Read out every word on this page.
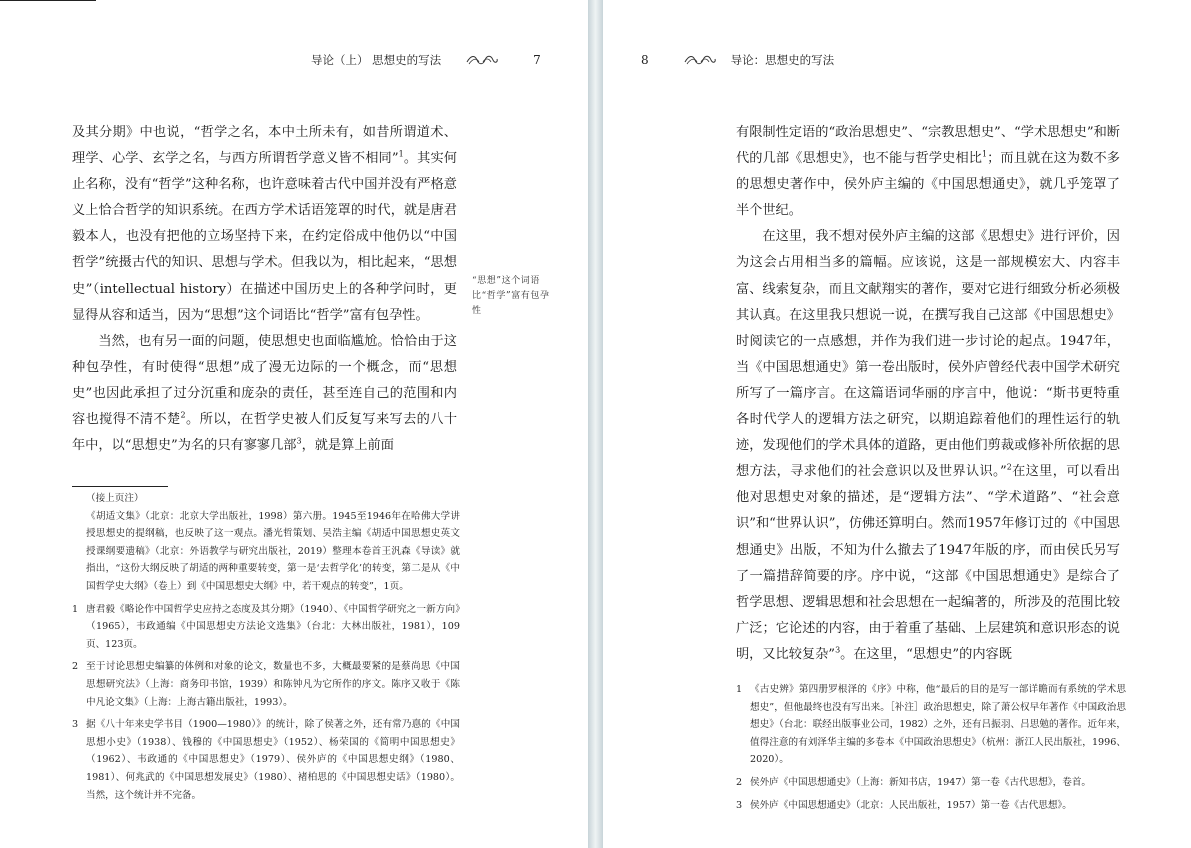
导论（上） 思想史的写法	7

及其分期》中也说，“哲学之名，本中土所未有，如昔所谓道术、理学、心学、玄学之名，与西方所谓哲学意义皆不相同”$^1$。其实何止名称，没有“哲学”这种名称，也许意味着古代中国并没有严格意义上恰合哲学的知识系统。在西方学术话语笼罩的时代，就是唐君毅本人，也没有把他的立场坚持下来，在约定俗成中他仍以“中国哲学”统摄古代的知识、思想与学术。但我以为，相比起来，“思想史”（intellectual history）在描述中国历史上的各种学问时，更显得从容和适当，因为“思想”这个词语比“哲学”富有包孕性。

当然，也有另一面的问题，使思想史也面临尴尬。恰恰由于这种包孕性，有时使得“思想”成了漫无边际的一个概念，而“思想史”也因此承担了过分沉重和庞杂的责任，甚至连自己的范围和内容也搅得不清不楚$^2$。所以，在哲学史被人们反复写来写去的八十年中，以“思想史”为名的只有寥寥几部$^3$，就是算上前面

“思想”这个词语比“哲学”富有包孕性
（接上页注）
《胡适文集》（北京：北京大学出版社，1998）第六册。1945至1946年在哈佛大学讲授思想史的提纲稿，也反映了这一观点。潘光哲策划、吴浩主编《胡适中国思想史英文授课纲要遗稿》（北京：外语教学与研究出版社，2019）整理本卷首王汎森《导读》就指出，“这份大纲反映了胡适的两种重要转变，第一是‘去哲学化’的转变，第二是从《中国哲学史大纲》（卷上）到《中国思想史大纲》中，若干观点的转变”，1页。
1 唐君毅《略论作中国哲学史应持之态度及其分期》（1940）、《中国哲学研究之一新方向》（1965），韦政通编《中国思想史方法论文选集》（台北：大林出版社，1981），109页、123页。
2 至于讨论思想史编纂的体例和对象的论文，数量也不多，大概最要紧的是蔡尚思《中国思想研究法》（上海：商务印书馆，1939）和陈钟凡为它所作的序文。陈序又收于《陈中凡论文集》（上海：上海古籍出版社，1993）。
3 据《八十年来史学书目（1900—1980）》的统计，除了侯著之外，还有常乃惪的《中国思想小史》（1938）、钱穆的《中国思想史》（1952）、杨荣国的《简明中国思想史》（1962）、韦政通的《中国思想史》（1979）、侯外庐的《中国思想史纲》（1980、1981）、何兆武的《中国思想发展史》（1980）、褚柏思的《中国思想史话》（1980）。当然，这个统计并不完备。
8	导论：思想史的写法

有限制性定语的“政治思想史”、“宗教思想史”、“学术思想史”和断代的几部《思想史》，也不能与哲学史相比$^1$；而且就在这为数不多的思想史著作中，侯外庐主编的《中国思想通史》，就几乎笼罩了半个世纪。

在这里，我不想对侯外庐主编的这部《思想史》进行评价，因为这会占用相当多的篇幅。应该说，这是一部规模宏大、内容丰富、线索复杂，而且文献翔实的著作，要对它进行细致分析必须极其认真。在这里我只想说一说，在撰写我自己这部《中国思想史》时阅读它的一点感想，并作为我们进一步讨论的起点。1947年，当《中国思想通史》第一卷出版时，侯外庐曾经代表中国学术研究所写了一篇序言。在这篇语词华丽的序言中，他说：“斯书更特重各时代学人的逻辑方法之研究，以期追踪着他们的理性运行的轨迹，发现他们的学术具体的道路，更由他们剪裁或修补所依据的思想方法，寻求他们的社会意识以及世界认识。”$^2$在这里，可以看出他对思想史对象的描述，是“逻辑方法”、“学术道路”、“社会意识”和“世界认识”，仿佛还算明白。然而1957年修订过的《中国思想通史》出版，不知为什么撤去了1947年版的序，而由侯氏另写了一篇措辞简要的序。序中说，“这部《中国思想通史》是综合了哲学思想、逻辑思想和社会思想在一起编著的，所涉及的范围比较广泛；它论述的内容，由于着重了基础、上层建筑和意识形态的说明，又比较复杂”$^3$。在这里，“思想史”的内容既

1 《古史辨》第四册罗根泽的《序》中称，他“最后的目的是写一部详瞻而有系统的学术思想史”，但他最终也没有写出来。［补注］政治思想史，除了萧公权早年著作《中国政治思想史》（台北：联经出版事业公司，1982）之外，还有吕振羽、吕思勉的著作。近年来，值得注意的有刘泽华主编的多卷本《中国政治思想史》（杭州：浙江人民出版社，1996、2020）。
2 侯外庐《中国思想通史》（上海：新知书店，1947）第一卷《古代思想》，卷首。
3 侯外庐《中国思想通史》（北京：人民出版社，1957）第一卷《古代思想》。
